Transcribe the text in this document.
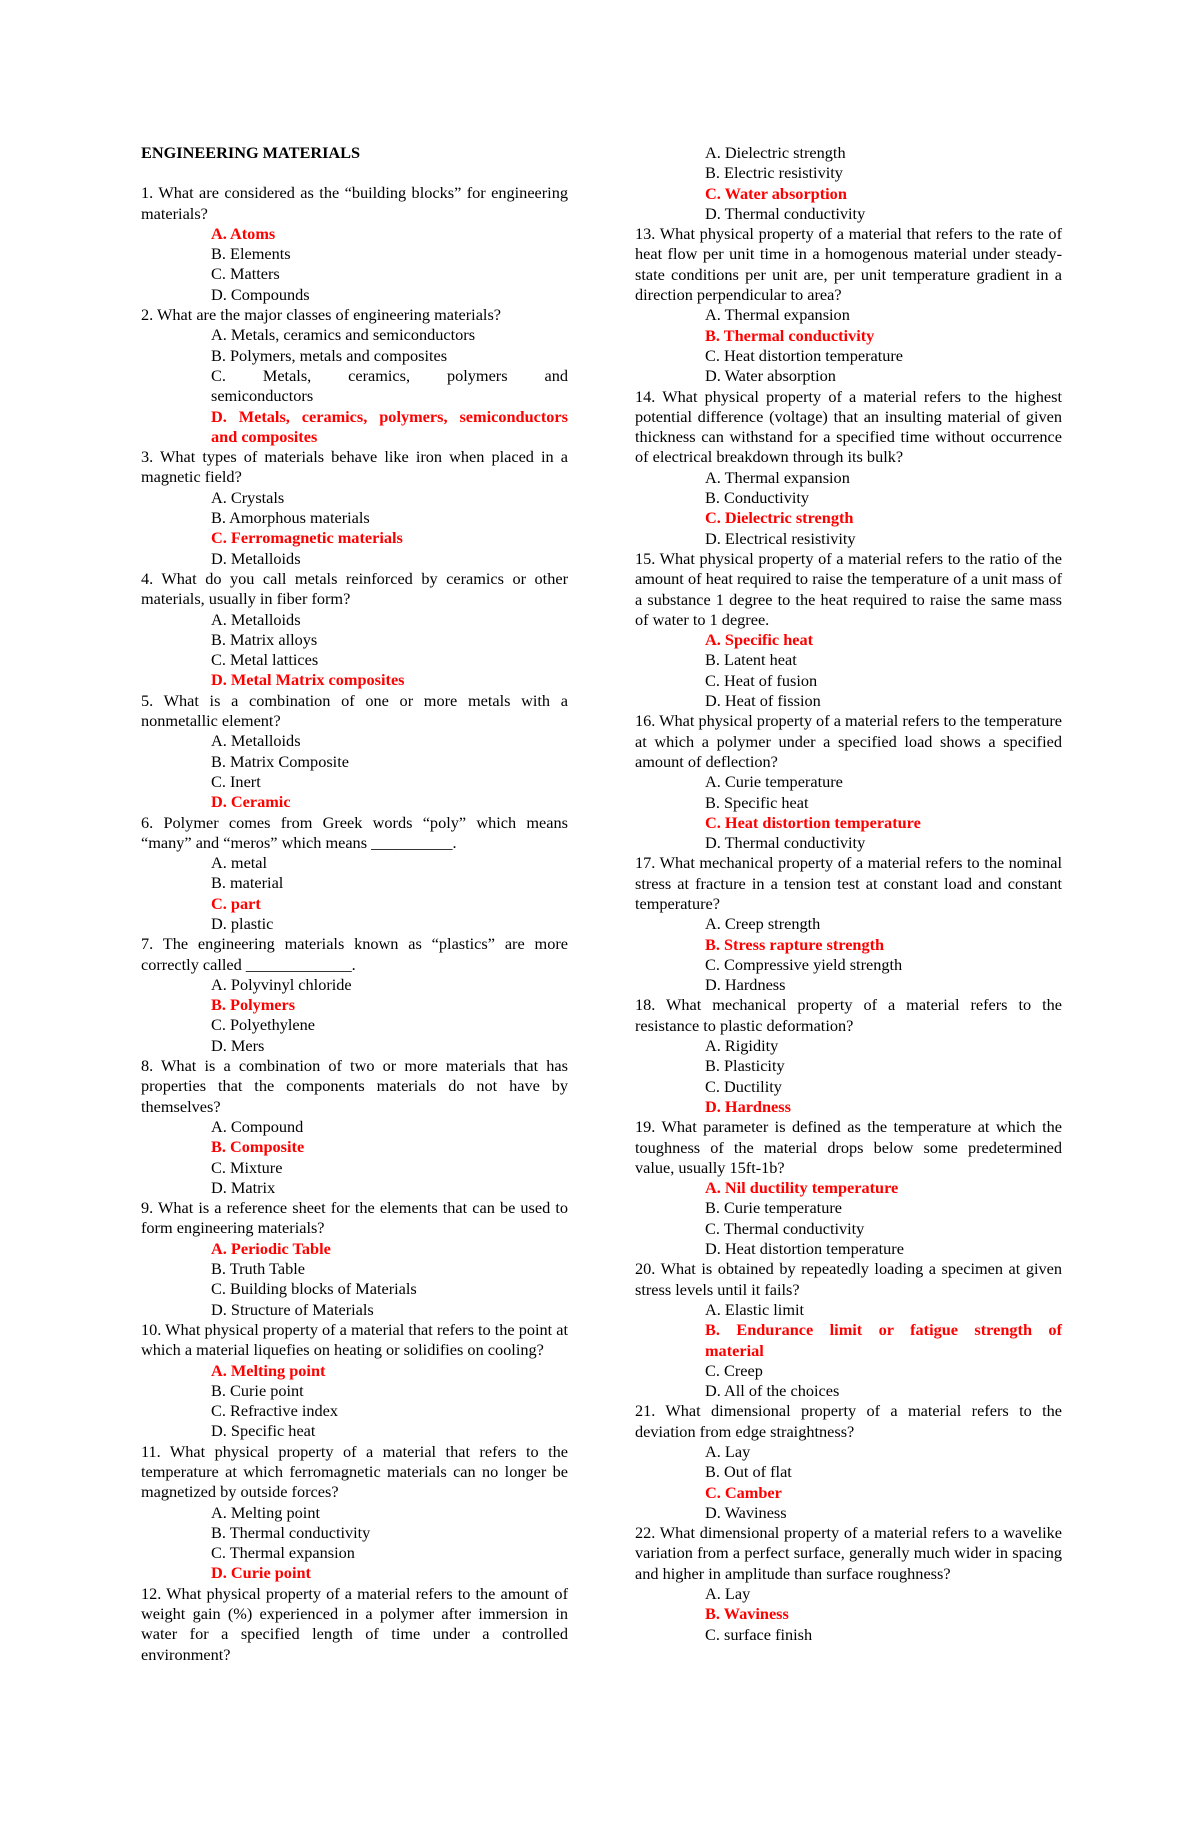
ENGINEERING MATERIALS

1. What are considered as the “building blocks” for engineering materials?

A. Atoms
B. Elements
C. Matters
D. Compounds

2. What are the major classes of engineering materials?

A. Metals, ceramics and semiconductors
B. Polymers, metals and composites
C. Metals, ceramics, polymers and
semiconductors
D. Metals, ceramics, polymers, semiconductors
and composites

3. What types of materials behave like iron when placed in a magnetic field?

A. Crystals
B. Amorphous materials
C. Ferromagnetic materials
D. Metalloids

4. What do you call metals reinforced by ceramics or other materials, usually in fiber form?

A. Metalloids
B. Matrix alloys
C. Metal lattices
D. Metal Matrix composites

5. What is a combination of one or more metals with a nonmetallic element?

A. Metalloids
B. Matrix Composite
C. Inert
D. Ceramic

6. Polymer comes from Greek words “poly” which means “many” and “meros” which means __________.

A. metal
B. material
C. part
D. plastic

7. The engineering materials known as “plastics” are more correctly called _____________.

A. Polyvinyl chloride
B. Polymers
C. Polyethylene
D. Mers

8. What is a combination of two or more materials that has properties that the components materials do not have by themselves?

A. Compound
B. Composite
C. Mixture
D. Matrix

9. What is a reference sheet for the elements that can be used to form engineering materials?

A. Periodic Table
B. Truth Table
C. Building blocks of Materials
D. Structure of Materials

10. What physical property of a material that refers to the point at which a material liquefies on heating or solidifies on cooling?

A. Melting point
B. Curie point
C. Refractive index
D. Specific heat

11. What physical property of a material that refers to the temperature at which ferromagnetic materials can no longer be magnetized by outside forces?

A. Melting point
B. Thermal conductivity
C. Thermal expansion
D. Curie point

12. What physical property of a material refers to the amount of weight gain (%) experienced in a polymer after immersion in water for a specified length of time under a controlled environment?

A. Dielectric strength
B. Electric resistivity
C. Water absorption
D. Thermal conductivity

13. What physical property of a material that refers to the rate of heat flow per unit time in a homogenous material under steady-state conditions per unit are, per unit temperature gradient in a direction perpendicular to area?

A. Thermal expansion
B. Thermal conductivity
C. Heat distortion temperature
D. Water absorption

14. What physical property of a material refers to the highest potential difference (voltage) that an insulting material of given thickness can withstand for a specified time without occurrence of electrical breakdown through its bulk?

A. Thermal expansion
B. Conductivity
C. Dielectric strength
D. Electrical resistivity

15. What physical property of a material refers to the ratio of the amount of heat required to raise the temperature of a unit mass of a substance 1 degree to the heat required to raise the same mass of water to 1 degree.

A. Specific heat
B. Latent heat
C. Heat of fusion
D. Heat of fission

16. What physical property of a material refers to the temperature at which a polymer under a specified load shows a specified amount of deflection?

A. Curie temperature
B. Specific heat
C. Heat distortion temperature
D. Thermal conductivity

17. What mechanical property of a material refers to the nominal stress at fracture in a tension test at constant load and constant temperature?

A. Creep strength
B. Stress rapture strength
C. Compressive yield strength
D. Hardness

18. What mechanical property of a material refers to the resistance to plastic deformation?

A. Rigidity
B. Plasticity
C. Ductility
D. Hardness

19. What parameter is defined as the temperature at which the toughness of the material drops below some predetermined value, usually 15ft-1b?

A. Nil ductility temperature
B. Curie temperature
C. Thermal conductivity
D. Heat distortion temperature

20. What is obtained by repeatedly loading a specimen at given stress levels until it fails?

A. Elastic limit
B. Endurance limit or fatigue strength of
material
C. Creep
D. All of the choices

21. What dimensional property of a material refers to the deviation from edge straightness?

A. Lay
B. Out of flat
C. Camber
D. Waviness

22. What dimensional property of a material refers to a wavelike variation from a perfect surface, generally much wider in spacing and higher in amplitude than surface roughness?

A. Lay
B. Waviness
C. surface finish
